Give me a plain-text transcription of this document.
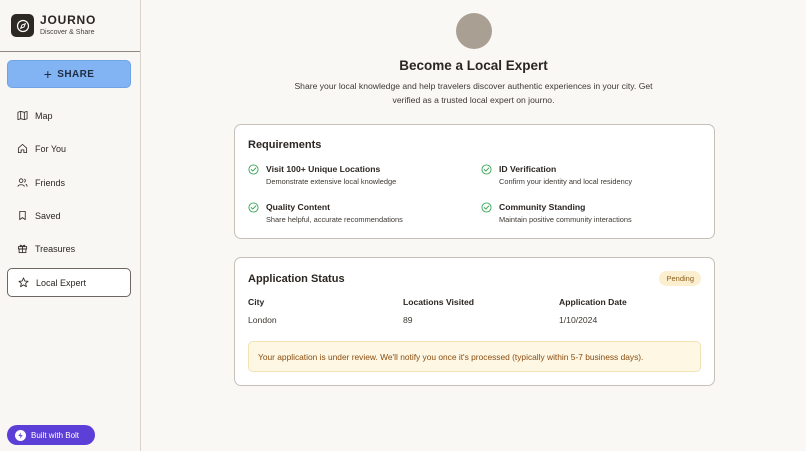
JOURNO
Discover & Share
+ SHARE
Map
For You
Friends
Saved
Treasures
Local Expert
Built with Bolt
Become a Local Expert
Share your local knowledge and help travelers discover authentic experiences in your city. Get verified as a trusted local expert on journo.
Requirements
Visit 100+ Unique Locations
Demonstrate extensive local knowledge
ID Verification
Confirm your identity and local residency
Quality Content
Share helpful, accurate recommendations
Community Standing
Maintain positive community interactions
Application Status	Pending
City
London
Locations Visited
89
Application Date
1/10/2024
Your application is under review. We'll notify you once it's processed (typically within 5-7 business days).
